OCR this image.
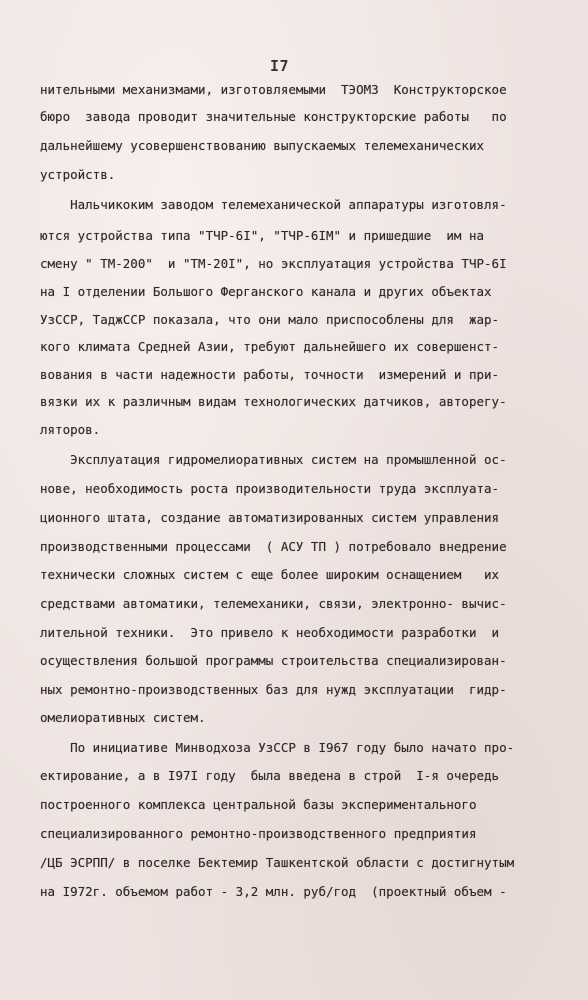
I7
нительными механизмами, изготовляемыми  ТЭОМЗ  Конструкторское
бюро  завода проводит значительные конструкторские работы   по
дальнейшему усовершенствованию выпускаемых телемеханических
устройств.
Нальчикоким заводом телемеханической аппаратуры изготовля-
ются устройства типа "ТЧР-6I", "ТЧР-6IМ" и пришедшие  им на
смену " ТМ-200"  и "ТМ-20I", но эксплуатация устройства ТЧР-6I
на I отделении Большого Ферганского канала и других объектах
УзССР, ТаджССР показала, что они мало приспособлены для  жар-
кого климата Средней Азии, требуют дальнейшего их совершенст-
вования в части надежности работы, точности  измерений и при-
вязки их к различным видам технологических датчиков, авторегу-
ляторов.
Эксплуатация гидромелиоративных систем на промышленной ос-
нове, необходимость роста производительности труда эксплуата-
ционного штата, создание автоматизированных систем управления
производственными процессами  ( АСУ ТП ) потребовало внедрение
технически сложных систем с еще более широким оснащением   их
средствами автоматики, телемеханики, связи, электронно- вычис-
лительной техники.  Это привело к необходимости разработки  и
осуществления большой программы строительства специализирован-
ных ремонтно-производственных баз для нужд эксплуатации  гидр-
омелиоративных систем.
По инициативе Минводхоза УзССР в I967 году было начато про-
ектирование, а в I97I году  была введена в строй  I-я очередь
построенного комплекса центральной базы экспериментального
специализированного ремонтно-производственного предприятия
/ЦБ ЭСРПП/ в поселке Бектемир Ташкентской области с достигнутым
на I972г. объемом работ - 3,2 млн. руб/год  (проектный объем -
